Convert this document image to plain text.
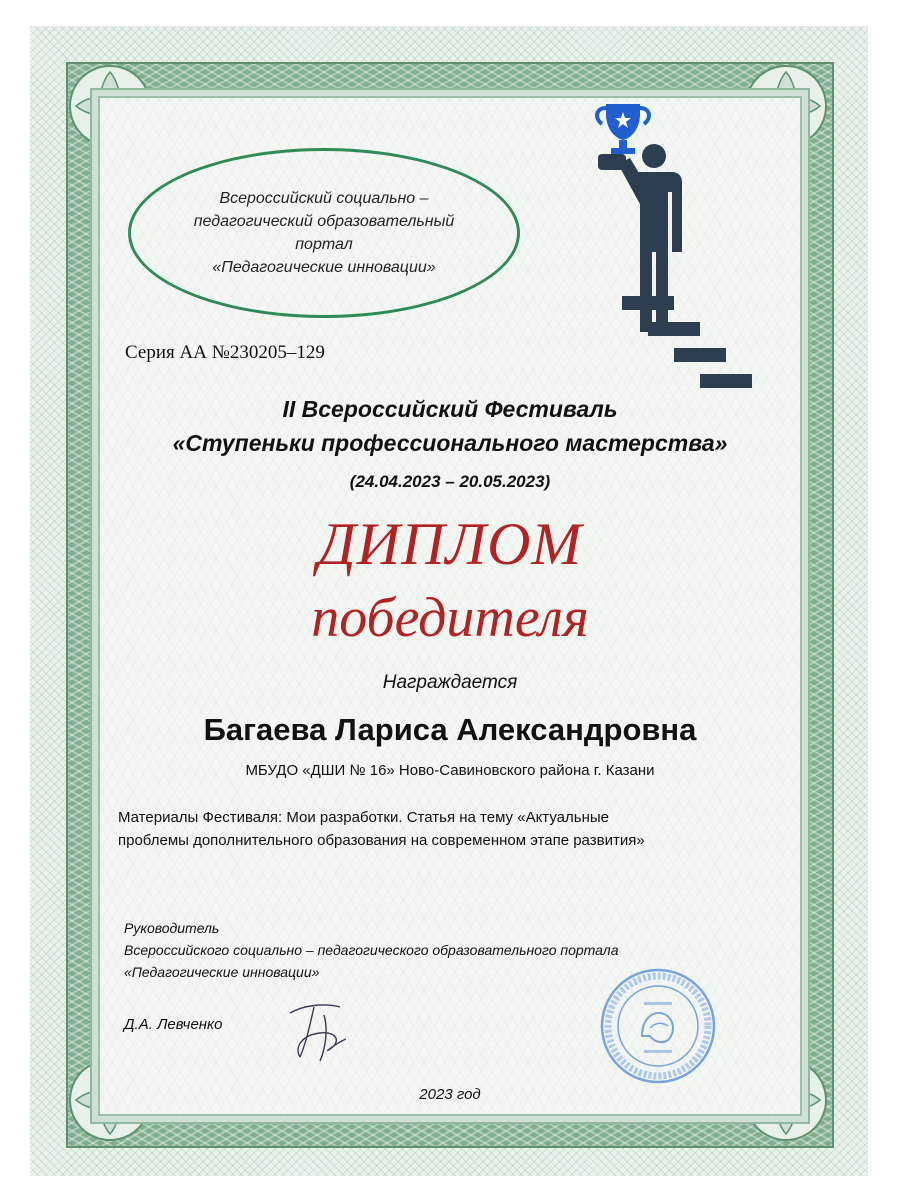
Всероссийский социально –
педагогический образовательный
портал
«Педагогические инновации»
Серия АА №230205–129
II Всероссийский Фестиваль
«Ступеньки профессионального мастерства»
(24.04.2023 – 20.05.2023)
ДИПЛОМ
победителя
Награждается
Багаева Лариса Александровна
МБУДО «ДШИ № 16» Ново-Савиновского района г. Казани
Материалы Фестиваля: Мои разработки. Статья на тему «Актуальные
проблемы дополнительного образования на современном этапе развития»
Руководитель
Всероссийского социально – педагогического образовательного портала
«Педагогические инновации»
Д.А. Левченко
2023 год
